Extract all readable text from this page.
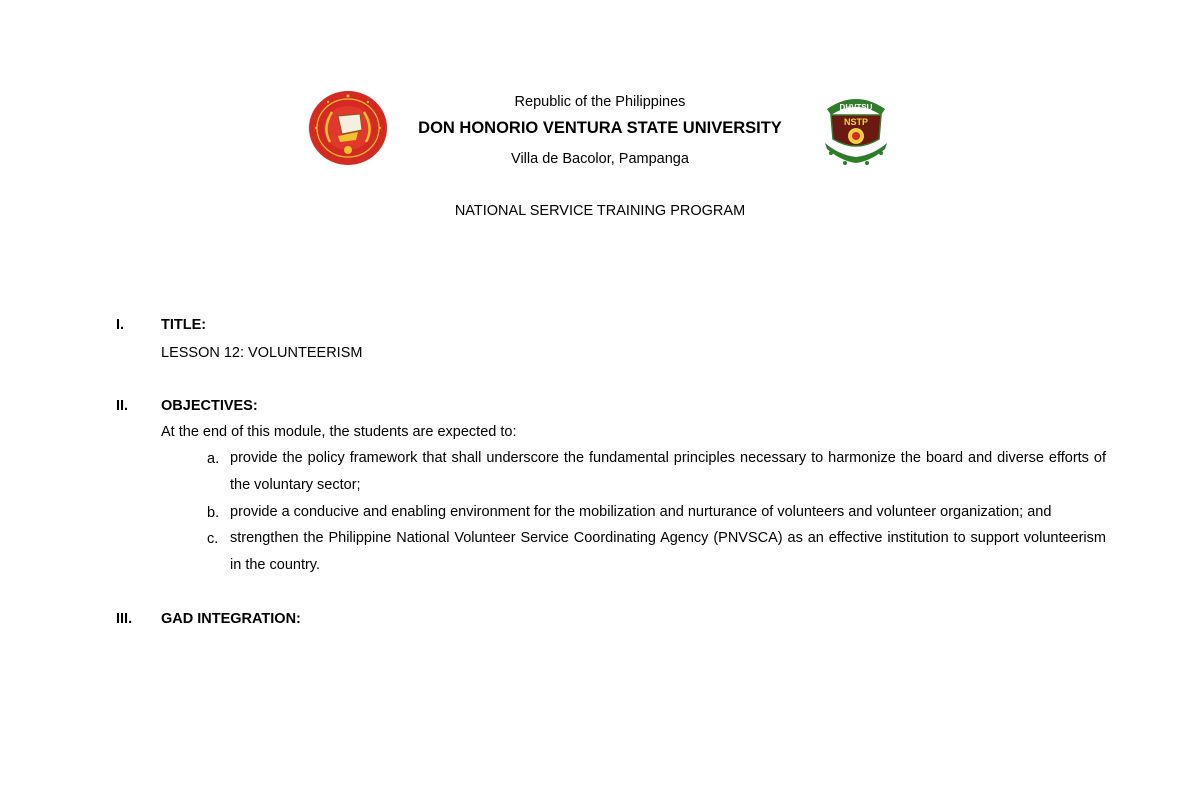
DHVTSU
NSTP
Republic of the Philippines
DON HONORIO VENTURA STATE UNIVERSITY
Villa de Bacolor, Pampanga
NATIONAL SERVICE TRAINING PROGRAM
I.	TITLE:
LESSON 12: VOLUNTEERISM
II. OBJECTIVES:
At the end of this module, the students are expected to:
a. provide the policy framework that shall underscore the fundamental principles necessary to harmonize the board and diverse efforts of the voluntary sector;
b. provide a conducive and enabling environment for the mobilization and nurturance of volunteers and volunteer organization; and
c. strengthen the Philippine National Volunteer Service Coordinating Agency (PNVSCA) as an effective institution to support volunteerism in the country.
III. GAD INTEGRATION:
